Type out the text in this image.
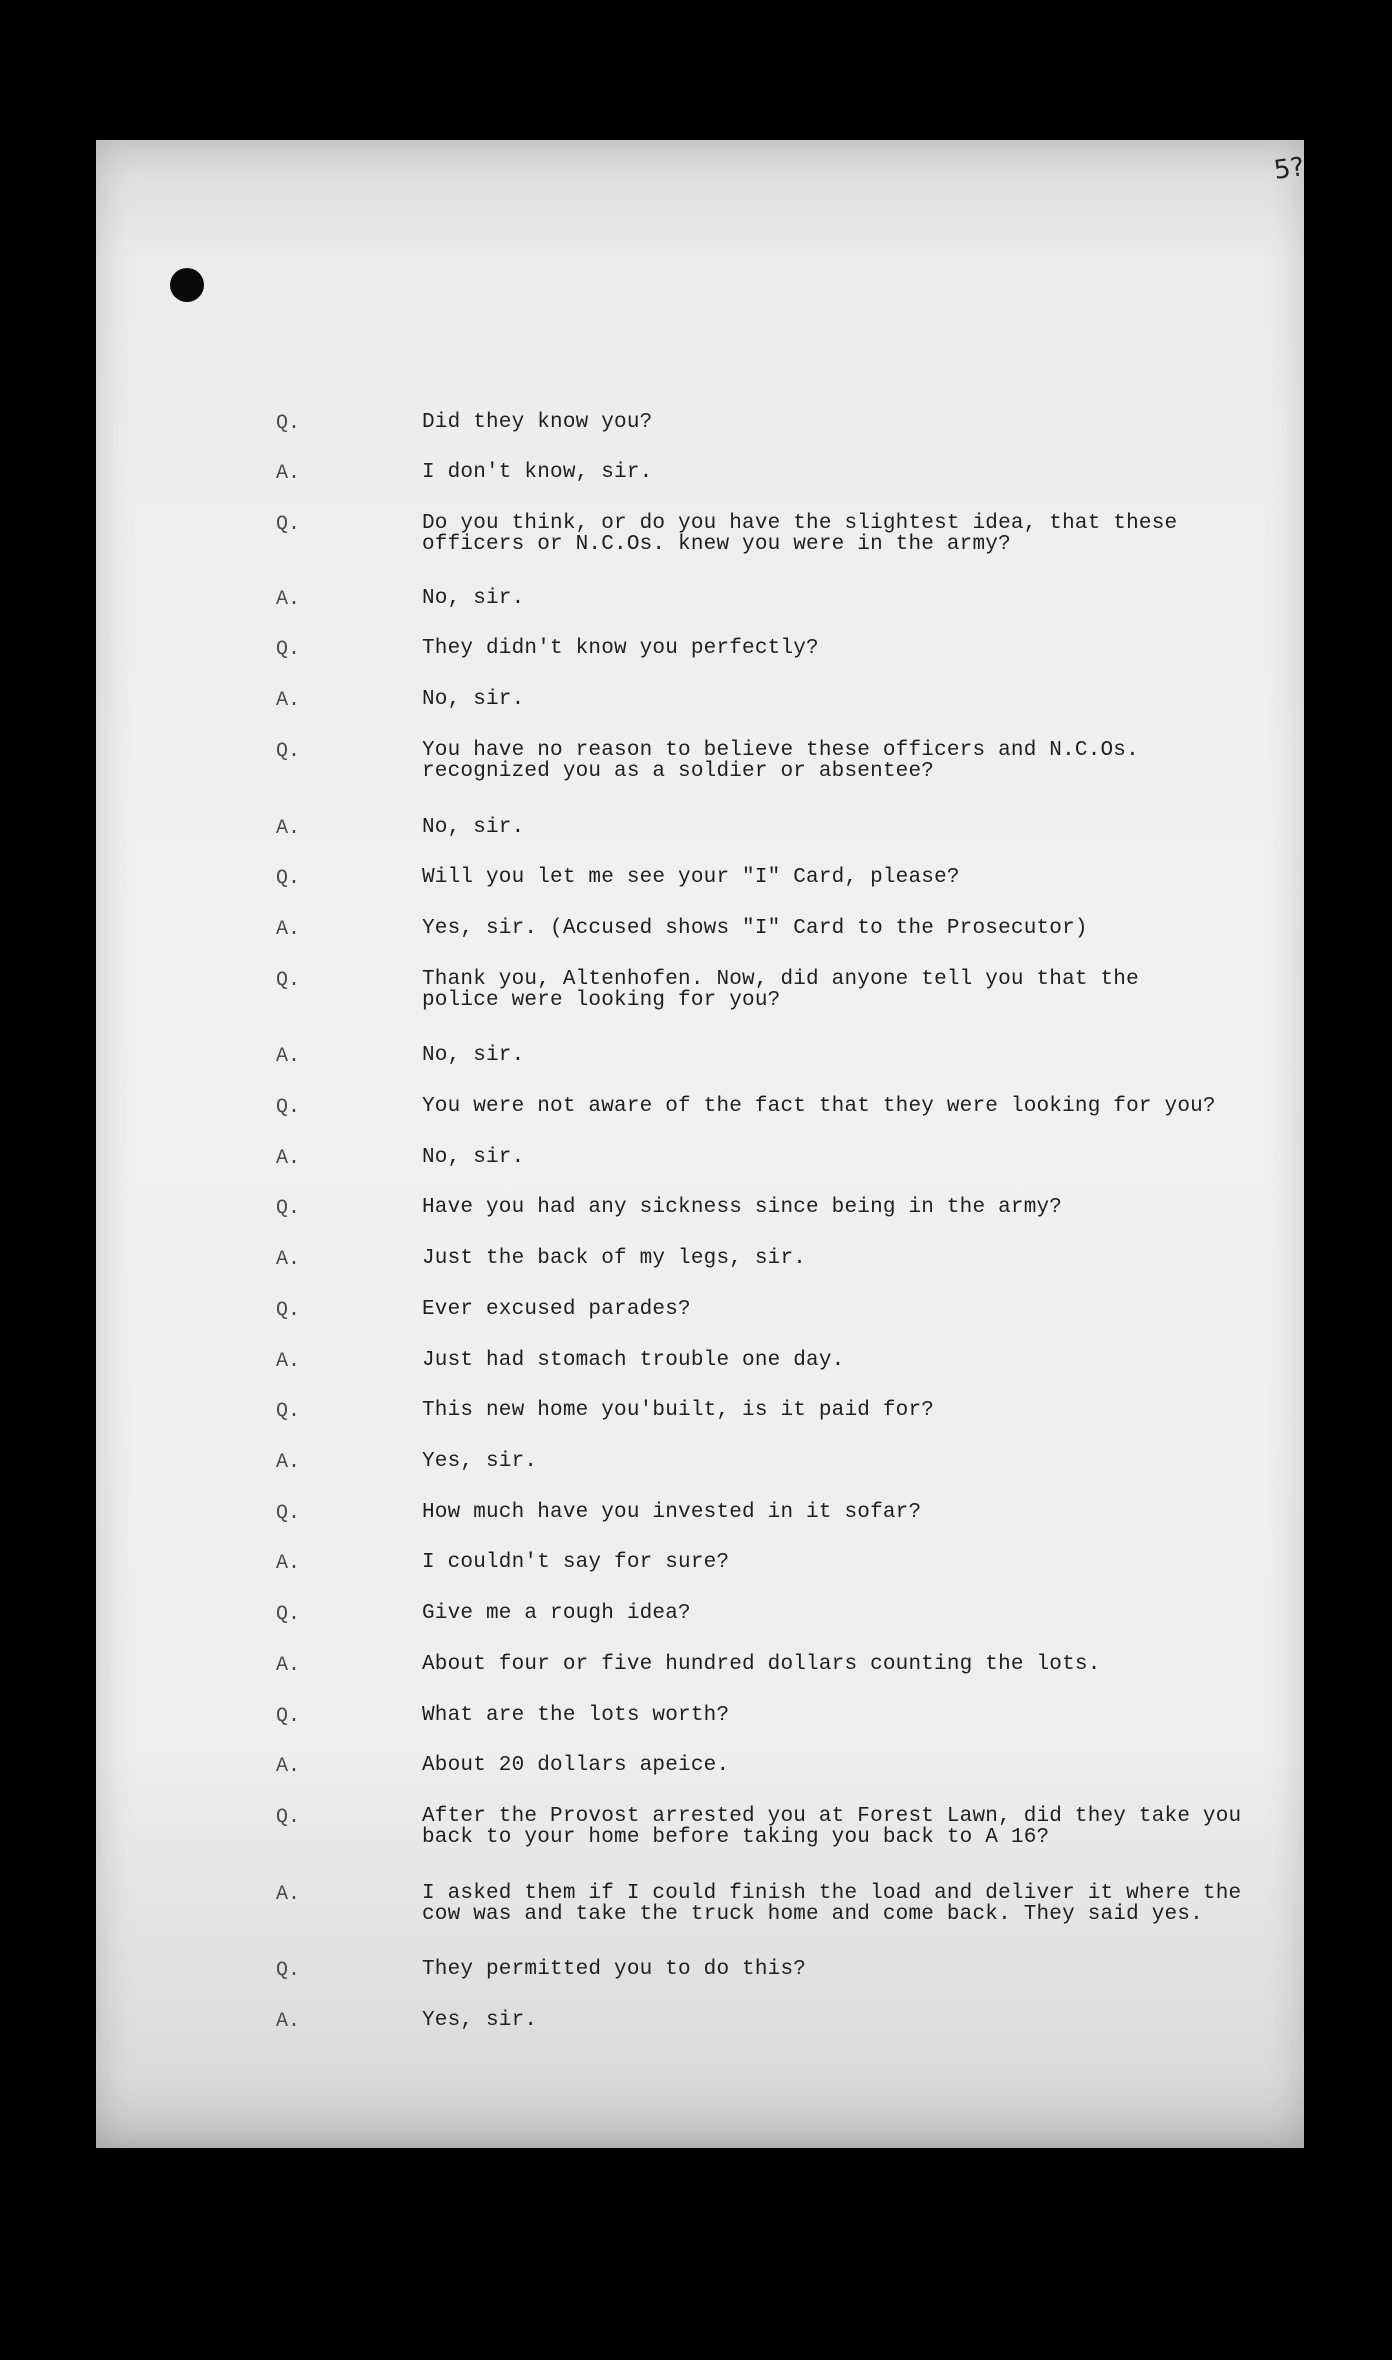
5?
Q.	Did they know you?
A.	I don't know, sir.
Q.	Do you think, or do you have the slightest idea, that these
officers or N.C.Os. knew you were in the army?
A.	No, sir.
Q.	They didn't know you perfectly?
A.	No, sir.
Q.	You have no reason to believe these officers and N.C.Os.
recognized you as a soldier or absentee?
A.	No, sir.
Q.	Will you let me see your "I" Card, please?
A.	Yes, sir. (Accused shows "I" Card to the Prosecutor)
Q.	Thank you, Altenhofen. Now, did anyone tell you that the
police were looking for you?
A.	No, sir.
Q.	You were not aware of the fact that they were looking for you?
A.	No, sir.
Q.	Have you had any sickness since being in the army?
A.	Just the back of my legs, sir.
Q.	Ever excused parades?
A.	Just had stomach trouble one day.
Q.	This new home you'built, is it paid for?
A.	Yes, sir.
Q.	How much have you invested in it sofar?
A.	I couldn't say for sure?
Q.	Give me a rough idea?
A.	About four or five hundred dollars counting the lots.
Q.	What are the lots worth?
A.	About 20 dollars apeice.
Q.	After the Provost arrested you at Forest Lawn, did they take you
back to your home before taking you back to A 16?
A.	I asked them if I could finish the load and deliver it where the
cow was and take the truck home and come back. They said yes.
Q.	They permitted you to do this?
A.	Yes, sir.
